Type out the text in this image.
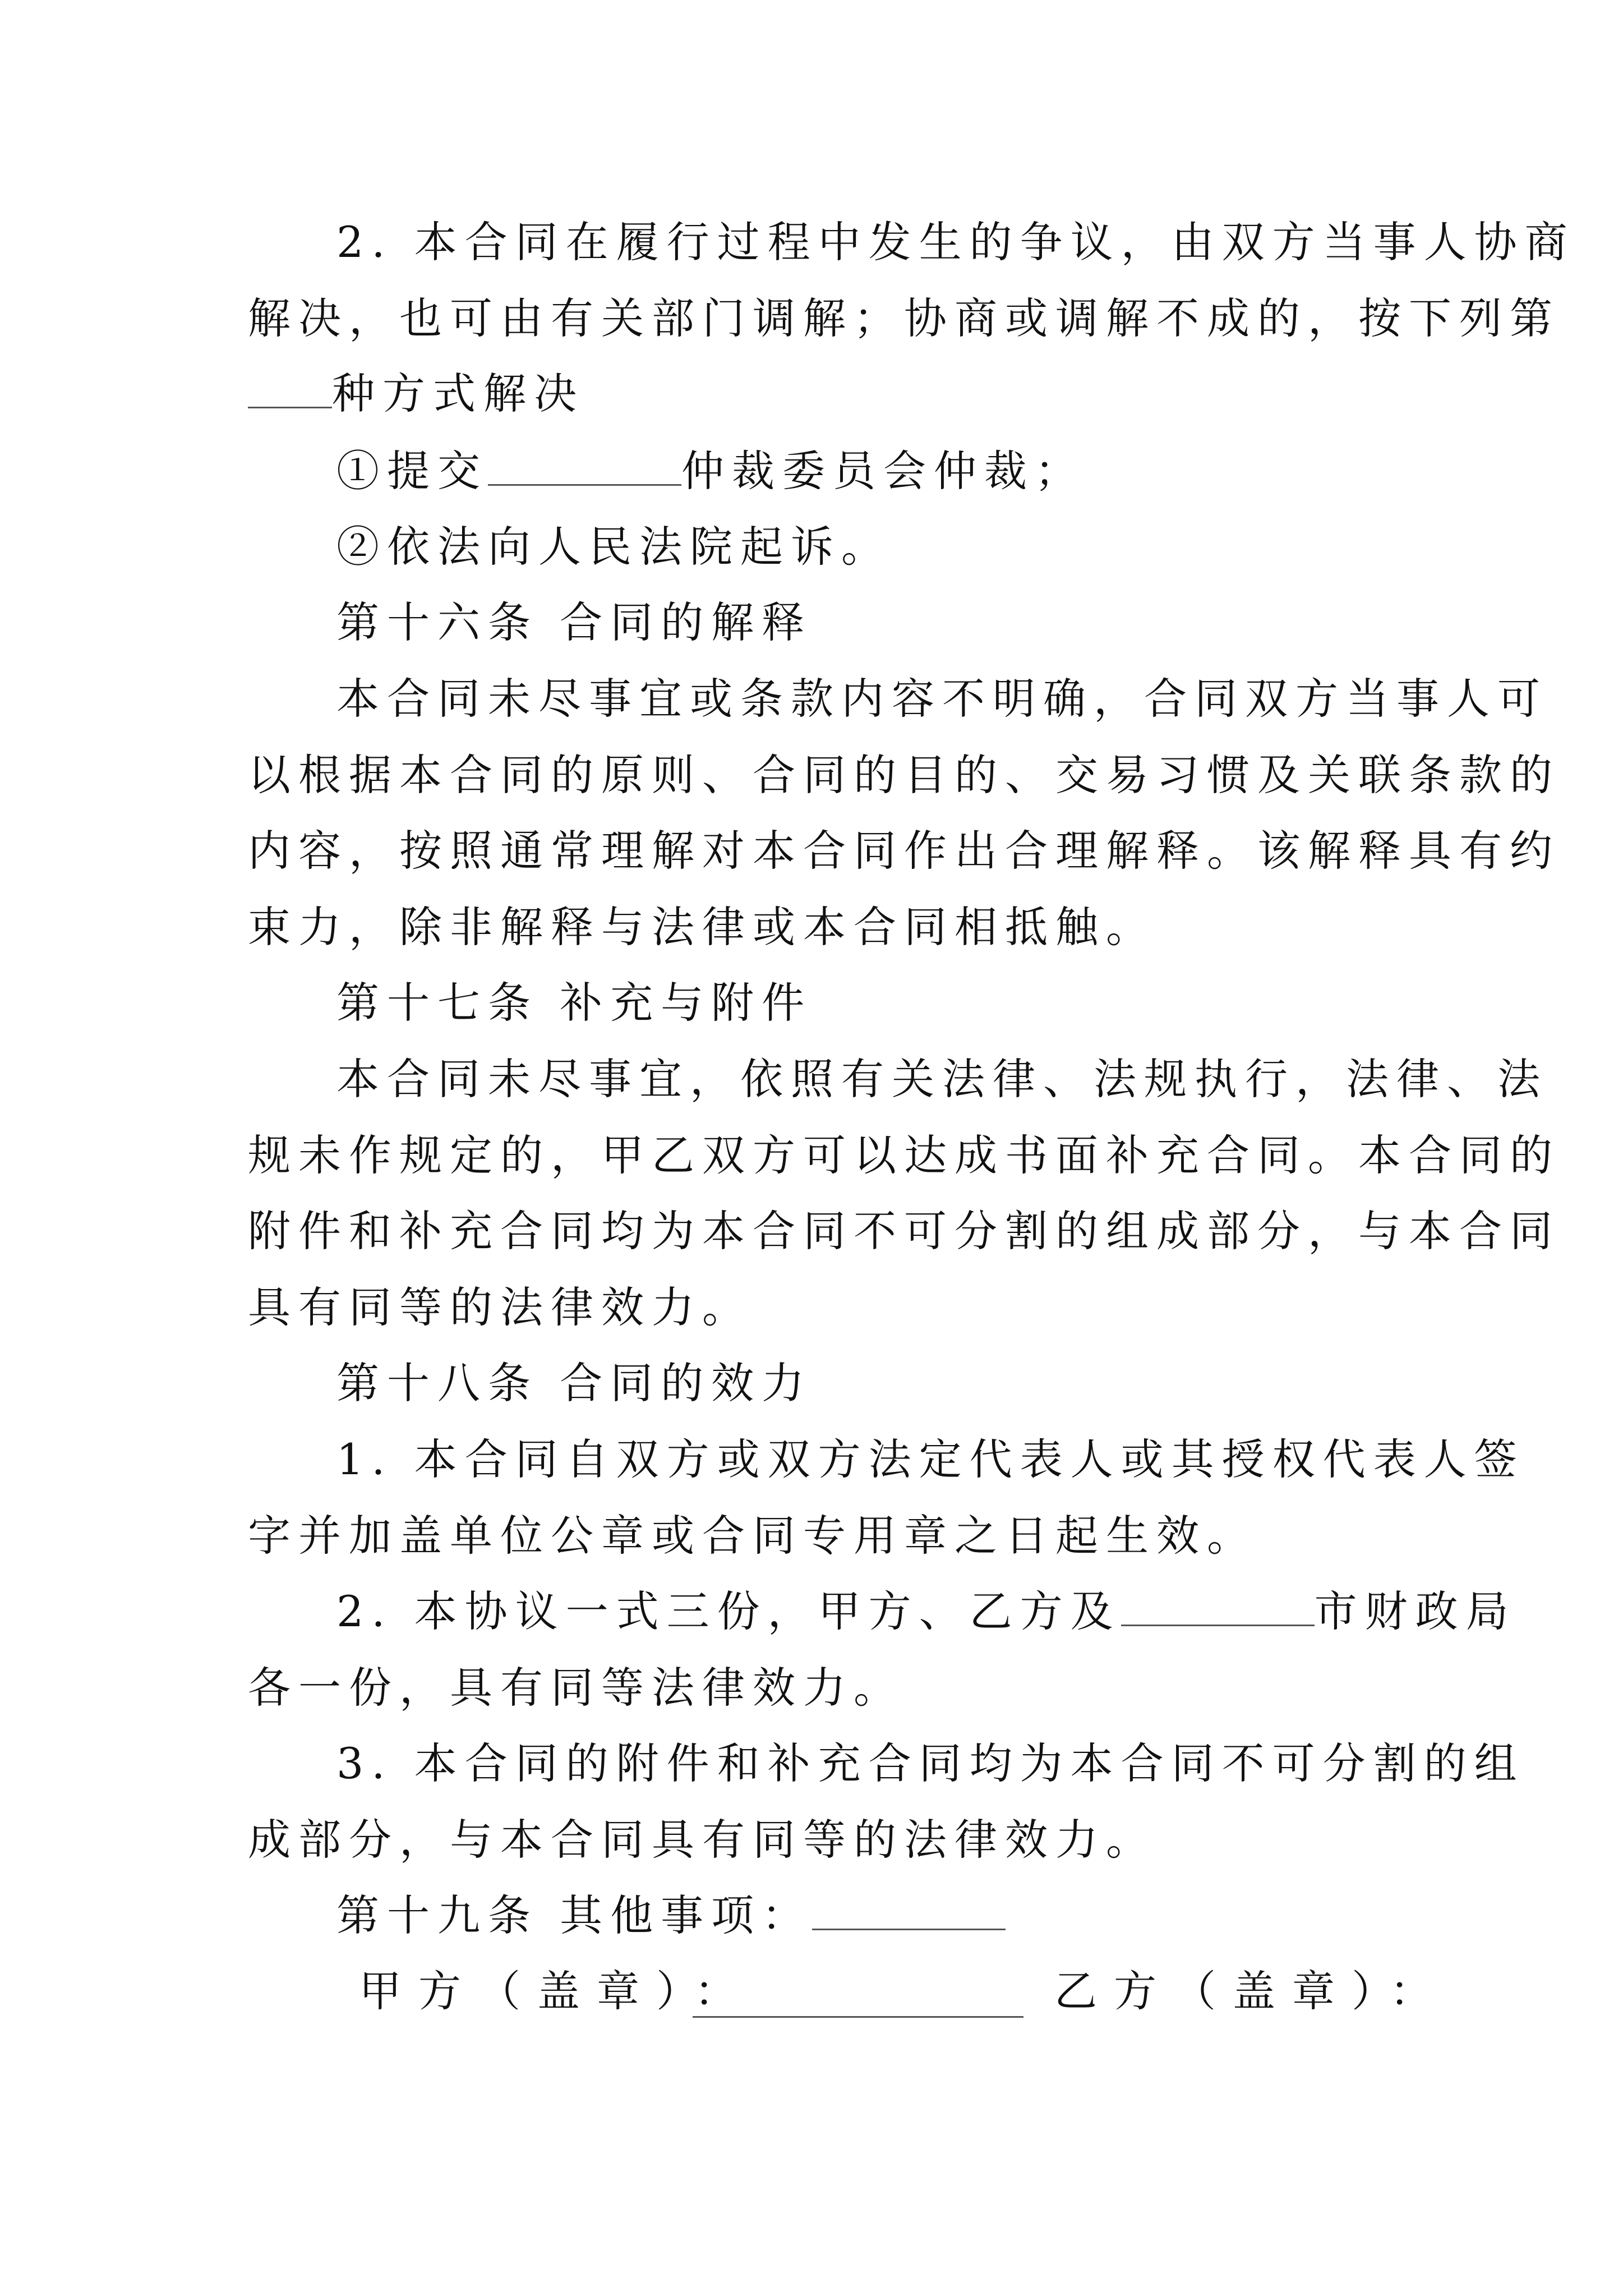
2. 本合同在履行过程中发生的争议，由双方当事人协商
解决，也可由有关部门调解；协商或调解不成的，按下列第
种方式解决
①提交	仲裁委员会仲裁；
②依法向人民法院起诉。
第十六条 合同的解释
本合同未尽事宜或条款内容不明确，合同双方当事人可
以根据本合同的原则、合同的目的、交易习惯及关联条款的
内容，按照通常理解对本合同作出合理解释。该解释具有约
束力，除非解释与法律或本合同相抵触。
第十七条 补充与附件
本合同未尽事宜，依照有关法律、法规执行，法律、法
规未作规定的，甲乙双方可以达成书面补充合同。本合同的
附件和补充合同均为本合同不可分割的组成部分，与本合同
具有同等的法律效力。
第十八条 合同的效力
1. 本合同自双方或双方法定代表人或其授权代表人签
字并加盖单位公章或合同专用章之日起生效。
2. 本协议一式三份，甲方、乙方及	市财政局
各一份，具有同等法律效力。
3. 本合同的附件和补充合同均为本合同不可分割的组
成部分，与本合同具有同等的法律效力。
第十九条 其他事项：
甲方（盖章）：	乙方（盖章）：
